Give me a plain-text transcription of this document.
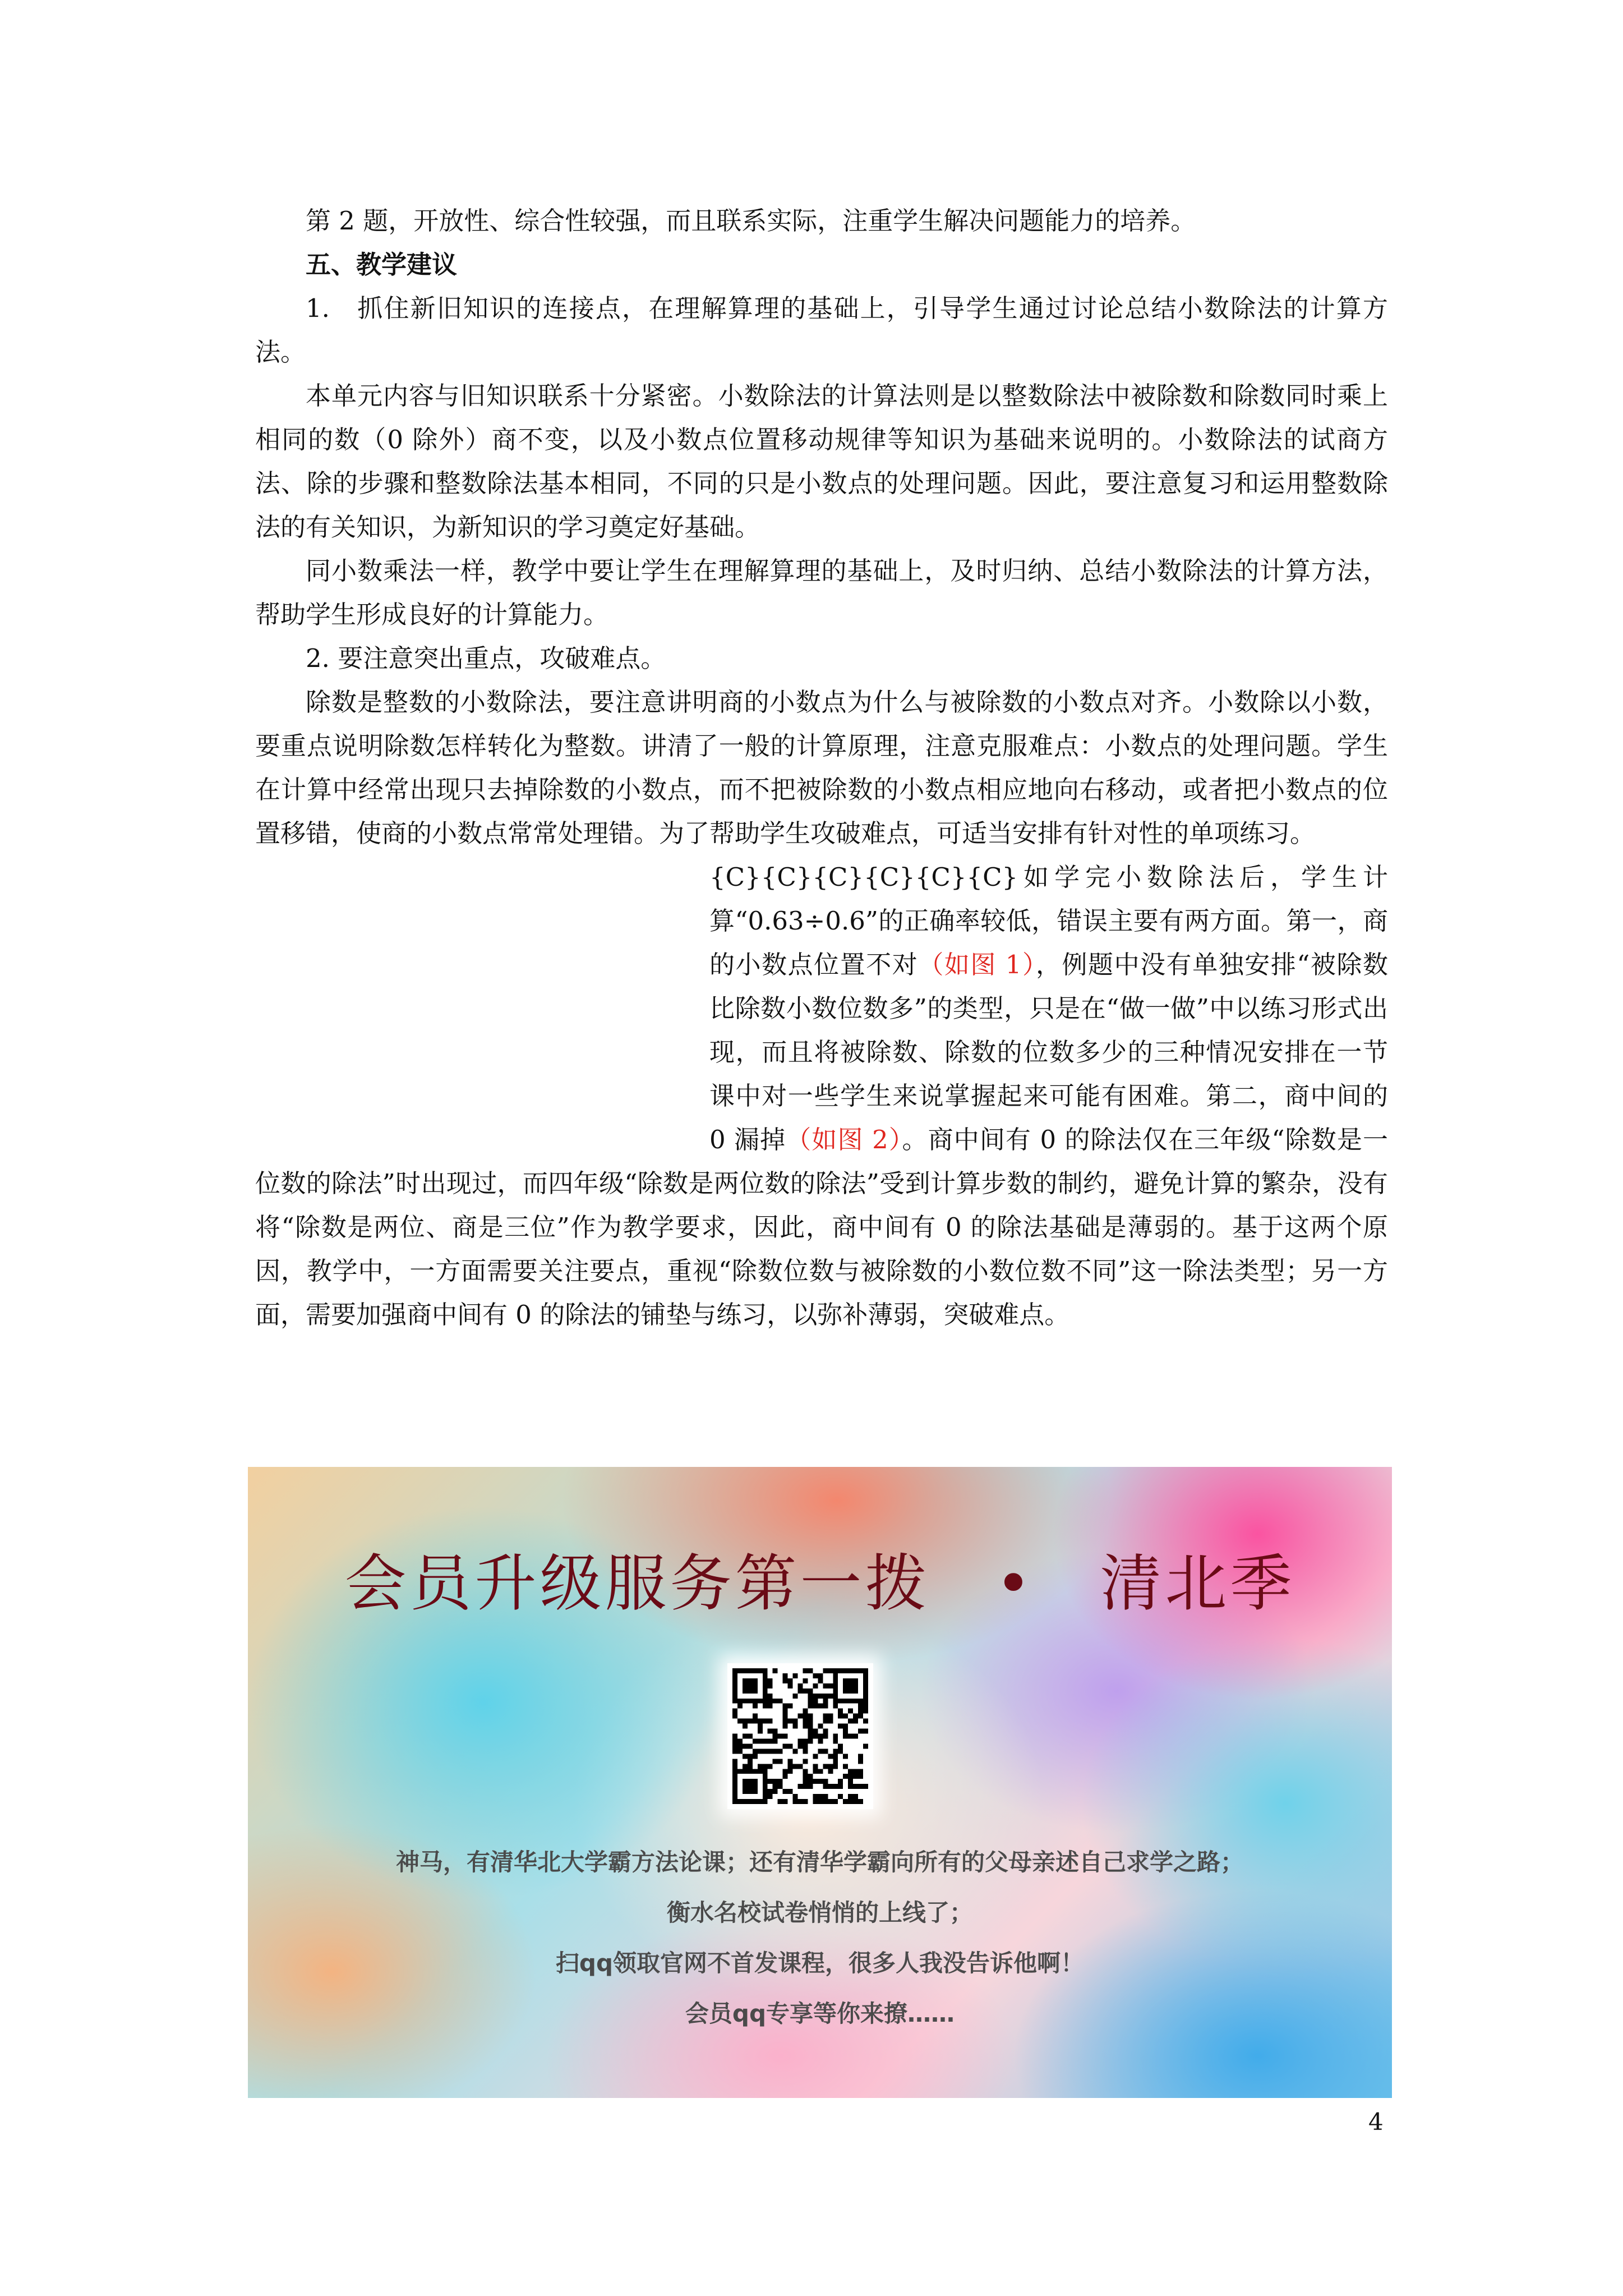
第 2 题，开放性、综合性较强，而且联系实际，注重学生解决问题能力的培养。

五、教学建议

1.　抓住新旧知识的连接点，在理解算理的基础上，引导学生通过讨论总结小数除法的计算方法。

本单元内容与旧知识联系十分紧密。小数除法的计算法则是以整数除法中被除数和除数同时乘上相同的数（0 除外）商不变，以及小数点位置移动规律等知识为基础来说明的。小数除法的试商方法、除的步骤和整数除法基本相同，不同的只是小数点的处理问题。因此，要注意复习和运用整数除法的有关知识，为新知识的学习奠定好基础。

同小数乘法一样，教学中要让学生在理解算理的基础上，及时归纳、总结小数除法的计算方法，帮助学生形成良好的计算能力。

2. 要注意突出重点，攻破难点。

除数是整数的小数除法，要注意讲明商的小数点为什么与被除数的小数点对齐。小数除以小数，要重点说明除数怎样转化为整数。讲清了一般的计算原理，注意克服难点：小数点的处理问题。学生在计算中经常出现只去掉除数的小数点，而不把被除数的小数点相应地向右移动，或者把小数点的位置移错，使商的小数点常常处理错。为了帮助学生攻破难点，可适当安排有针对性的单项练习。

{C}{C}{C}{C}{C}{C}如学完小数除法后，学生计算“0.63÷0.6”的正确率较低，错误主要有两方面。第一，商的小数点位置不对（如图 1），例题中没有单独安排“被除数比除数小数位数多”的类型，只是在“做一做”中以练习形式出现，而且将被除数、除数的位数多少的三种情况安排在一节课中对一些学生来说掌握起来可能有困难。第二，商中间的 0 漏掉（如图 2）。商中间有 0 的除法仅在三年级“除数是一位数的除法”时出现过，而四年级“除数是两位数的除法”受到计算步数的制约，避免计算的繁杂，没有将“除数是两位、商是三位”作为教学要求，因此，商中间有 0 的除法基础是薄弱的。基于这两个原因，教学中，一方面需要关注要点，重视“除数位数与被除数的小数位数不同”这一除法类型；另一方面，需要加强商中间有 0 的除法的铺垫与练习，以弥补薄弱，突破难点。

会员升级服务第一拨　•　清北季
神马，有清华北大学霸方法论课；还有清华学霸向所有的父母亲述自己求学之路；
衡水名校试卷悄悄的上线了；
扫qq领取官网不首发课程，很多人我没告诉他啊！
会员qq专享等你来撩……
4
